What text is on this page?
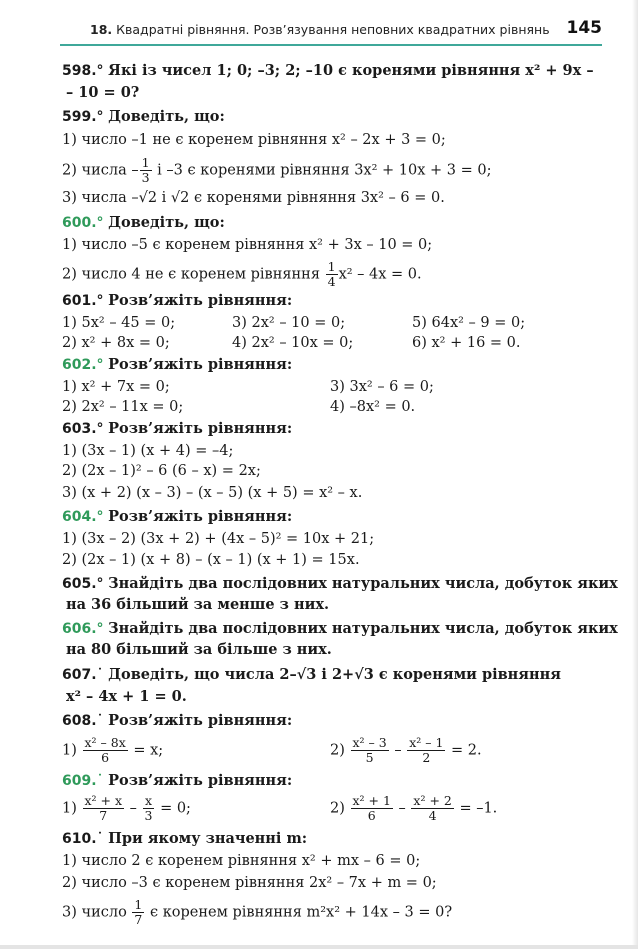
18. Квадратні рівняння. Розв’язування неповних квадратних рівнянь 145
598.° Які із чисел 1; 0; –3; 2; –10 є коренями рівняння x² + 9x –
– 10 = 0?
599.° Доведіть, що:
1) число –1 не є коренем рівняння x² – 2x + 3 = 0;
2) числа – $\frac{1}{3}$ і –3 є коренями рівняння 3x² + 10x + 3 = 0;
3) числа –√2 і √2 є коренями рівняння 3x² – 6 = 0.
600.° Доведіть, що:
1) число –5 є коренем рівняння x² + 3x – 10 = 0;
2) число 4 не є коренем рівняння $\frac{1}{4} x^2 - 4x = 0$.
601.° Розв’яжіть рівняння:
1) 5x² – 45 = 0;	3) 2x² – 10 = 0;	5) 64x² – 9 = 0;
2) x² + 8x = 0;	4) 2x² – 10x = 0;	6) x² + 16 = 0.
602.° Розв’яжіть рівняння:
1) x² + 7x = 0;	3) 3x² – 6 = 0;
2) 2x² – 11x = 0;	4) –8x² = 0.
603.° Розв’яжіть рівняння:
1) (3x – 1) (x + 4) = –4;
2) (2x – 1)² – 6 (6 – x) = 2x;
3) (x + 2) (x – 3) – (x – 5) (x + 5) = x² – x.
604.° Розв’яжіть рівняння:
1) (3x – 2) (3x + 2) + (4x – 5)² = 10x + 21;
2) (2x – 1) (x + 8) – (x – 1) (x + 1) = 15x.
605.° Знайдіть два послідовних натуральних числа, добуток яких
на 36 більший за менше з них.
606.° Знайдіть два послідовних натуральних числа, добуток яких
на 80 більший за більше з них.
607.˙ Доведіть, що числа 2–√3 і 2+√3 є коренями рівняння
x² – 4x + 1 = 0.
608.˙ Розв’яжіть рівняння:
$1) \frac{\text{x² – 8x}}{6} = x$;	$2) \frac{\text{x² – 3}}{5} - \frac{\text{x² – 1}}{2} = 2$.
609.˙ Розв’яжіть рівняння:
$1) \frac{\text{x² + x}}{7} - \frac{x}{3} = 0$;	$2) \frac{\text{x² + 1}}{6} - \frac{\text{x² + 2}}{4} = -1$.
610.˙ При якому значенні m:
1) число 2 є коренем рівняння x² + mx – 6 = 0;
2) число –3 є коренем рівняння 2x² – 7x + m = 0;
3) число $\frac{1}{7}$ є коренем рівняння m²x² + 14x – 3 = 0?
